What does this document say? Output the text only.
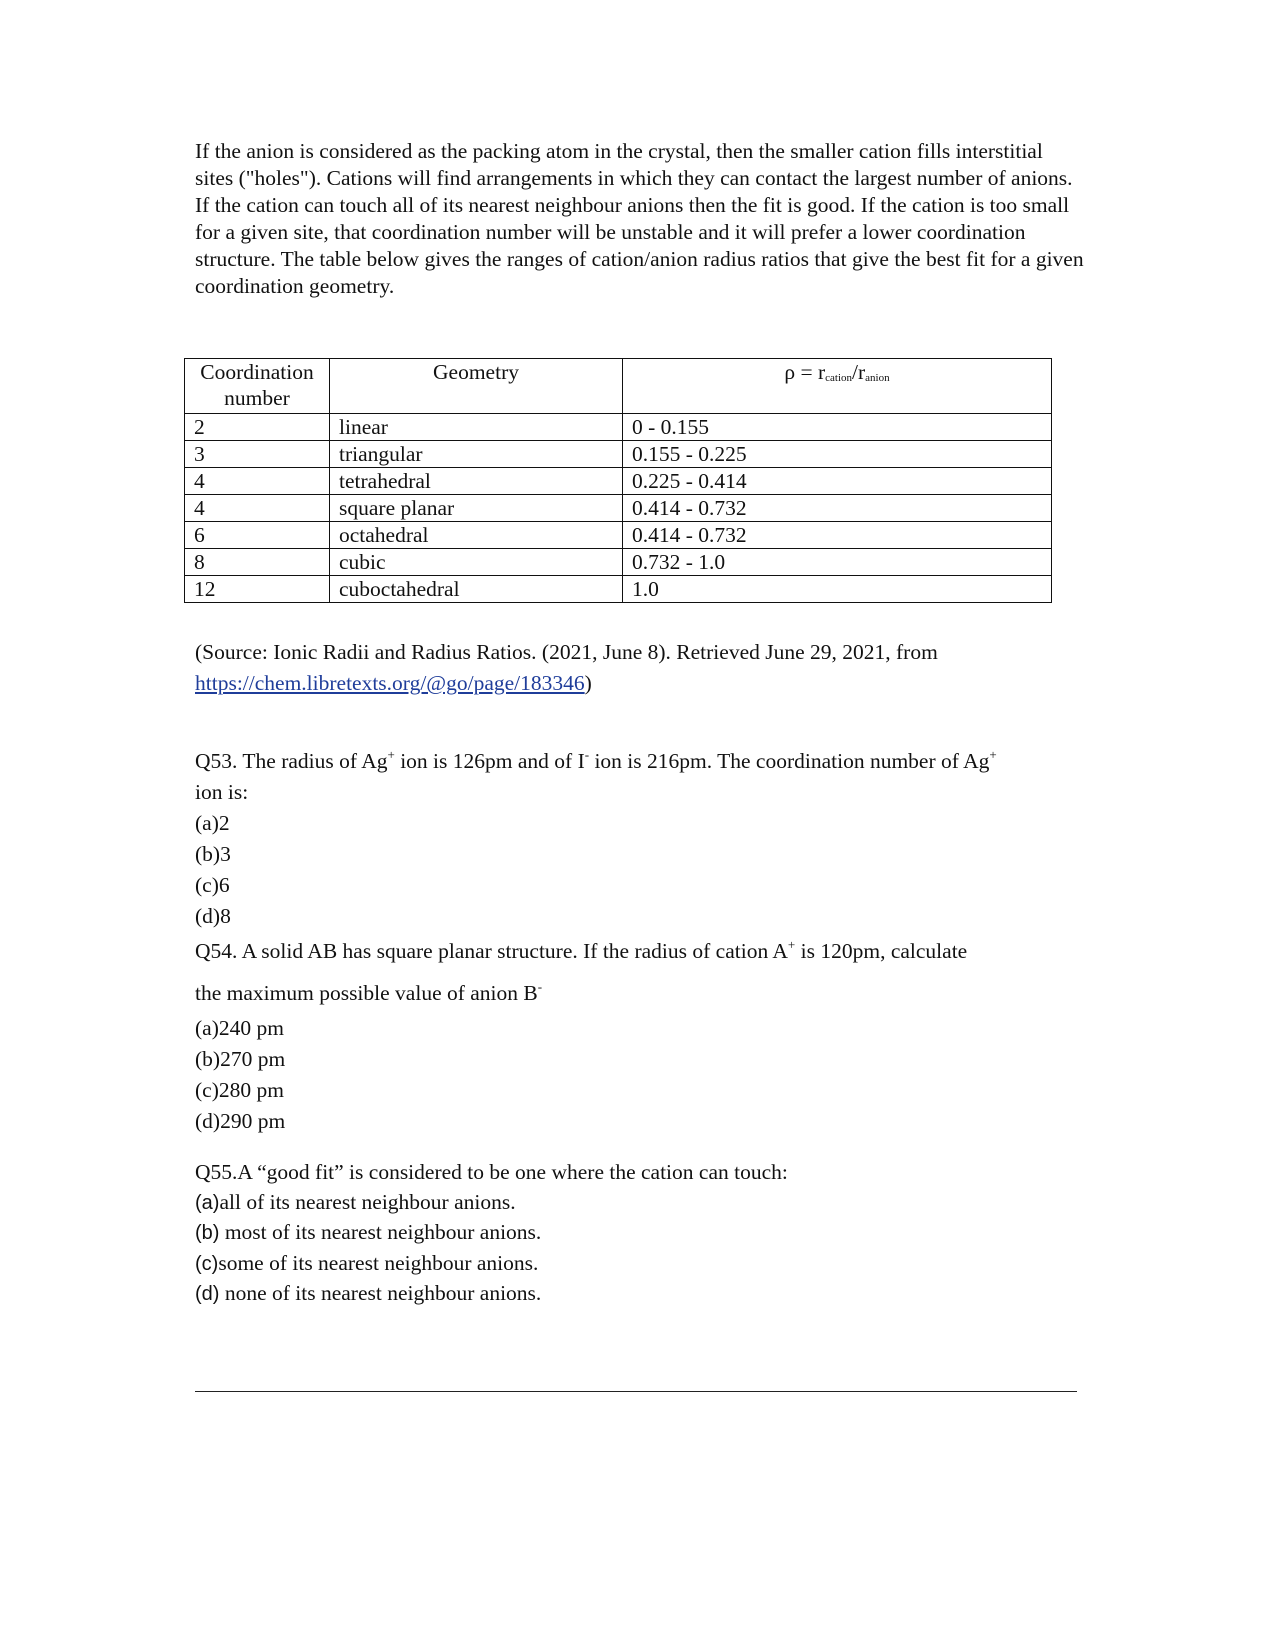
If the anion is considered as the packing atom in the crystal, then the smaller cation fills interstitial sites ("holes"). Cations will find arrangements in which they can contact the largest number of anions. If the cation can touch all of its nearest neighbour anions then the fit is good. If the cation is too small for a given site, that coordination number will be unstable and it will prefer a lower coordination structure. The table below gives the ranges of cation/anion radius ratios that give the best fit for a given coordination geometry.

Coordination number	Geometry	ρ = rcation/ranion
2	linear	0 - 0.155
3	triangular	0.155 - 0.225
4	tetrahedral	0.225 - 0.414
4	square planar	0.414 - 0.732
6	octahedral	0.414 - 0.732
8	cubic	0.732 - 1.0
12	cuboctahedral	1.0
(Source: Ionic Radii and Radius Ratios. (2021, June 8). Retrieved June 29, 2021, from
https://chem.libretexts.org/@go/page/183346)

Q53. The radius of Ag+ ion is 126pm and of I- ion is 216pm. The coordination number of Ag+

ion is:

(a)2

(b)3

(c)6

(d)8

Q54. A solid AB has square planar structure. If the radius of cation A+ is 120pm, calculate

the maximum possible value of anion B-

(a)240 pm

(b)270 pm

(c)280 pm

(d)290 pm

Q55.A “good fit” is considered to be one where the cation can touch:

(a)all of its nearest neighbour anions.

(b) most of its nearest neighbour anions.

(c)some of its nearest neighbour anions.

(d) none of its nearest neighbour anions.
